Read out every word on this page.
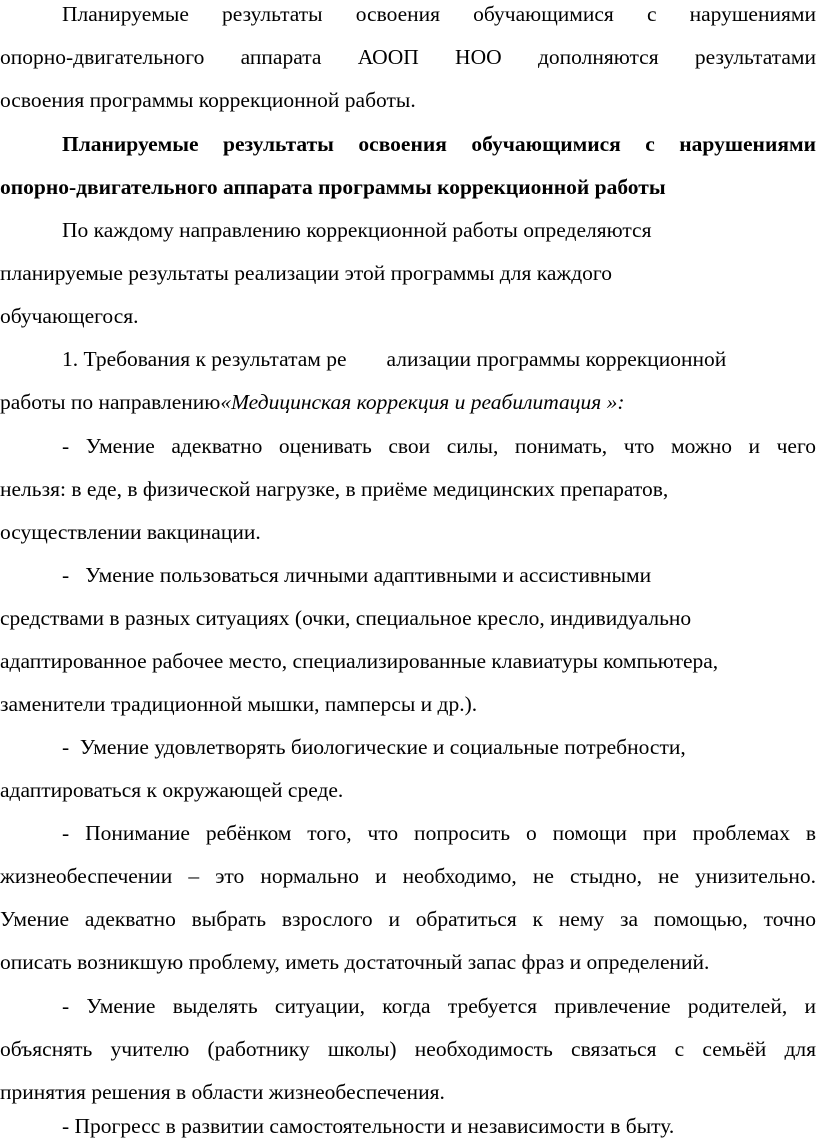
Планируемые результаты освоения обучающимися с нарушениями
опорно-двигательного аппарата АООП НОО дополняются результатами
освоения программы коррекционной работы.
Планируемые результаты освоения обучающимися с нарушениями
опорно-двигательного аппарата программы коррекционной работы
По каждому направлению коррекционной работы определяются
планируемые результаты реализации этой программы для каждого
обучающегося.
1. Требования к результатам ре ализации программы коррекционной
работы по направлению«Медицинская коррекция и реабилитация »:
- Умение адекватно оценивать свои силы, понимать, что можно и чего
нельзя: в еде, в физической нагрузке, в приёме медицинских препаратов,
осуществлении вакцинации.
-   Умение пользоваться личными адаптивными и ассистивными
средствами в разных ситуациях (очки, специальное кресло, индивидуально
адаптированное рабочее место, специализированные клавиатуры компьютера,
заменители традиционной мышки, памперсы и др.).
-  Умение удовлетворять биологические и социальные потребности,
адаптироваться к окружающей среде.
- Понимание ребёнком того, что попросить о помощи при проблемах в
жизнеобеспечении – это нормально и необходимо, не стыдно, не унизительно.
Умение адекватно выбрать взрослого и обратиться к нему за помощью, точно
описать возникшую проблему, иметь достаточный запас фраз и определений.
- Умение выделять ситуации, когда требуется привлечение родителей, и
объяснять учителю (работнику школы) необходимость связаться с семьёй для
принятия решения в области жизнеобеспечения.
- Прогресс в развитии самостоятельности и независимости в быту.
